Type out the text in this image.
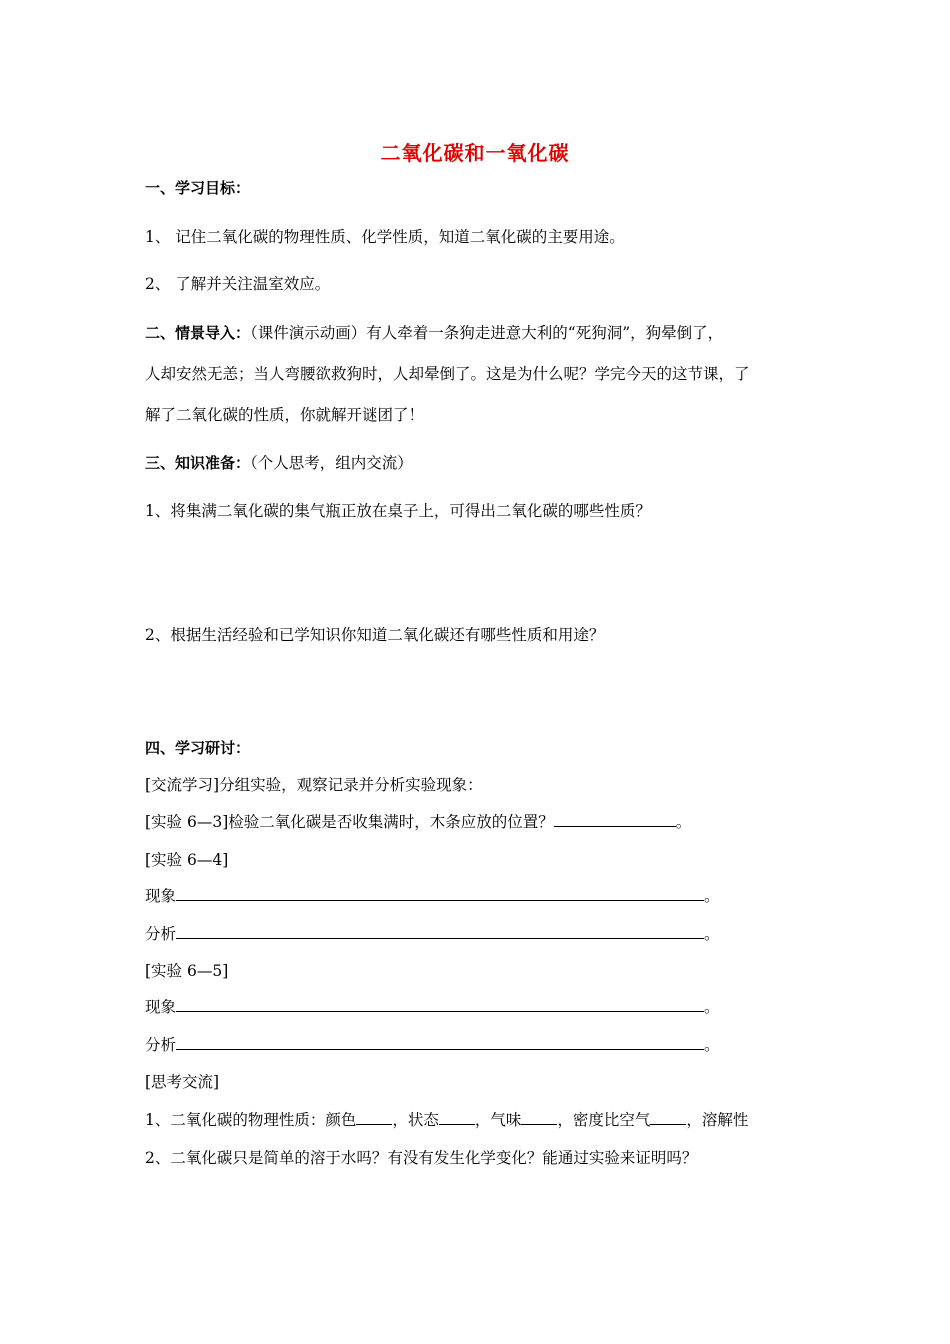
二氧化碳和一氧化碳
一、学习目标：
1、 记住二氧化碳的物理性质、化学性质，知道二氧化碳的主要用途。
2、 了解并关注温室效应。
二、情景导入：（课件演示动画）有人牵着一条狗走进意大利的“死狗洞”，狗晕倒了，
人却安然无恙；当人弯腰欲救狗时，人却晕倒了。这是为什么呢？学完今天的这节课，了
解了二氧化碳的性质，你就解开谜团了！
三、知识准备：（个人思考，组内交流）
1、将集满二氧化碳的集气瓶正放在桌子上，可得出二氧化碳的哪些性质？
2、根据生活经验和已学知识你知道二氧化碳还有哪些性质和用途？
四、学习研讨：
[交流学习]分组实验，观察记录并分析实验现象：
[实验 6—3]检验二氧化碳是否收集满时，木条应放的位置？	。
[实验 6—4]
现象	。
分析	。
[实验 6—5]
现象	。
分析	。
[思考交流]
1、二氧化碳的物理性质：颜色 ，状态 ，气味 ，密度比空气 ，溶解性
2、二氧化碳只是简单的溶于水吗？有没有发生化学变化？能通过实验来证明吗？
